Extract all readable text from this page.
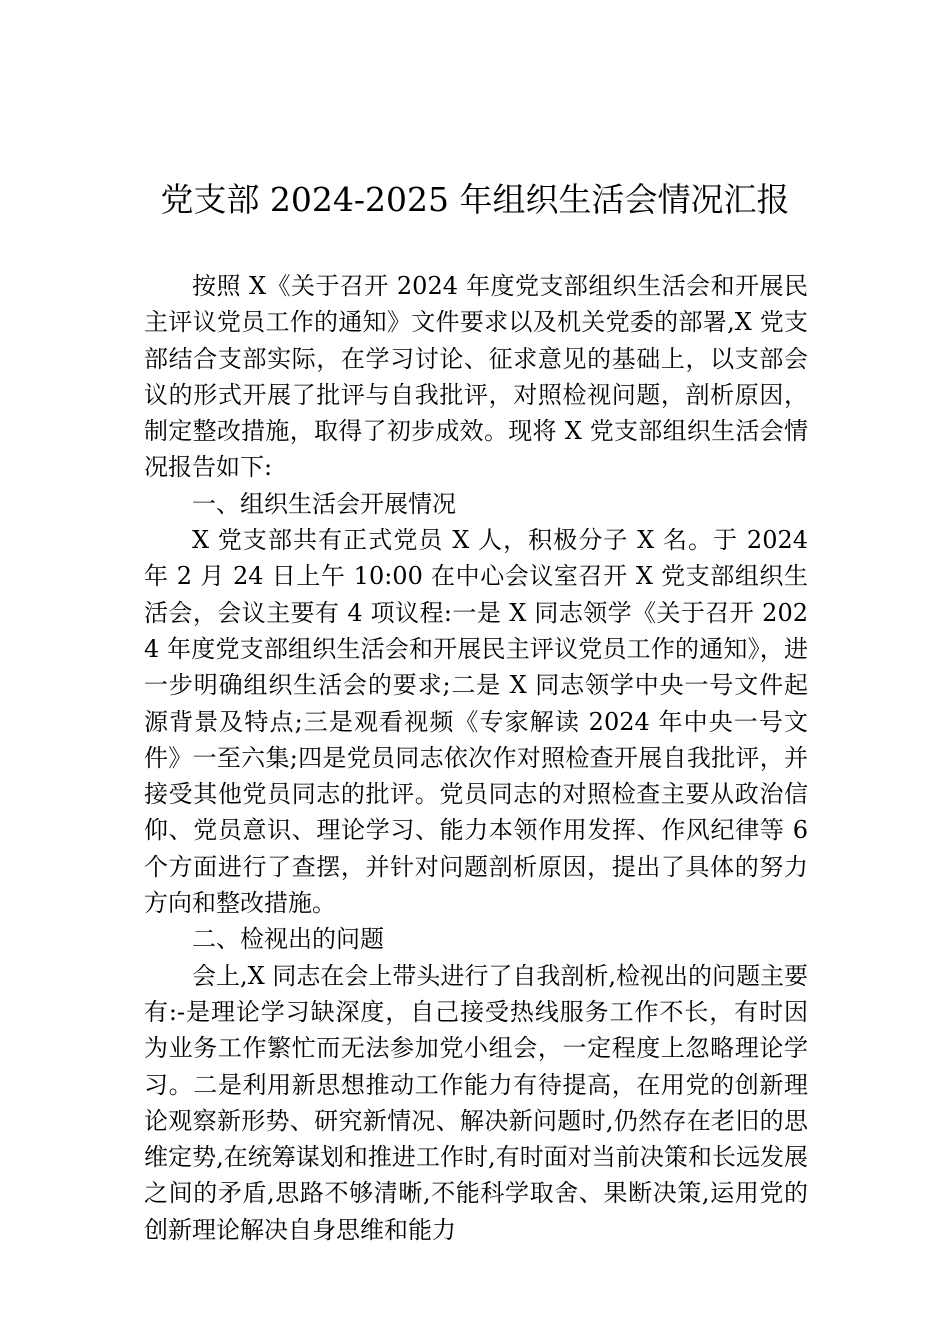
党支部 2024-2025 年组织生活会情况汇报

按照 X《关于召开 2024 年度党支部组织生活会和开展民主评议党员工作的通知》文件要求以及机关党委的部署,X 党支部结合支部实际，在学习讨论、征求意见的基础上，以支部会议的形式开展了批评与自我批评，对照检视问题，剖析原因，制定整改措施，取得了初步成效。现将 X 党支部组织生活会情况报告如下:

一、组织生活会开展情况

X 党支部共有正式党员 X 人，积极分子 X 名。于 2024 年 2 月 24 日上午 10:00 在中心会议室召开 X 党支部组织生活会，会议主要有 4 项议程:一是 X 同志领学《关于召开 2024 年度党支部组织生活会和开展民主评议党员工作的通知》，进一步明确组织生活会的要求;二是 X 同志领学中央一号文件起源背景及特点;三是观看视频《专家解读 2024 年中央一号文件》一至六集;四是党员同志依次作对照检查开展自我批评，并接受其他党员同志的批评。党员同志的对照检查主要从政治信仰、党员意识、理论学习、能力本领作用发挥、作风纪律等 6 个方面进行了查摆，并针对问题剖析原因，提出了具体的努力方向和整改措施。

二、检视出的问题

会上,X 同志在会上带头进行了自我剖析,检视出的问题主要有:-是理论学习缺深度，自己接受热线服务工作不长，有时因为业务工作繁忙而无法参加党小组会，一定程度上忽略理论学习。二是利用新思想推动工作能力有待提高，在用党的创新理论观察新形势、研究新情况、解决新问题时,仍然存在老旧的思维定势,在统筹谋划和推进工作时,有时面对当前决策和长远发展之间的矛盾,思路不够清晰,不能科学取舍、果断决策,运用党的创新理论解决自身思维和能力
